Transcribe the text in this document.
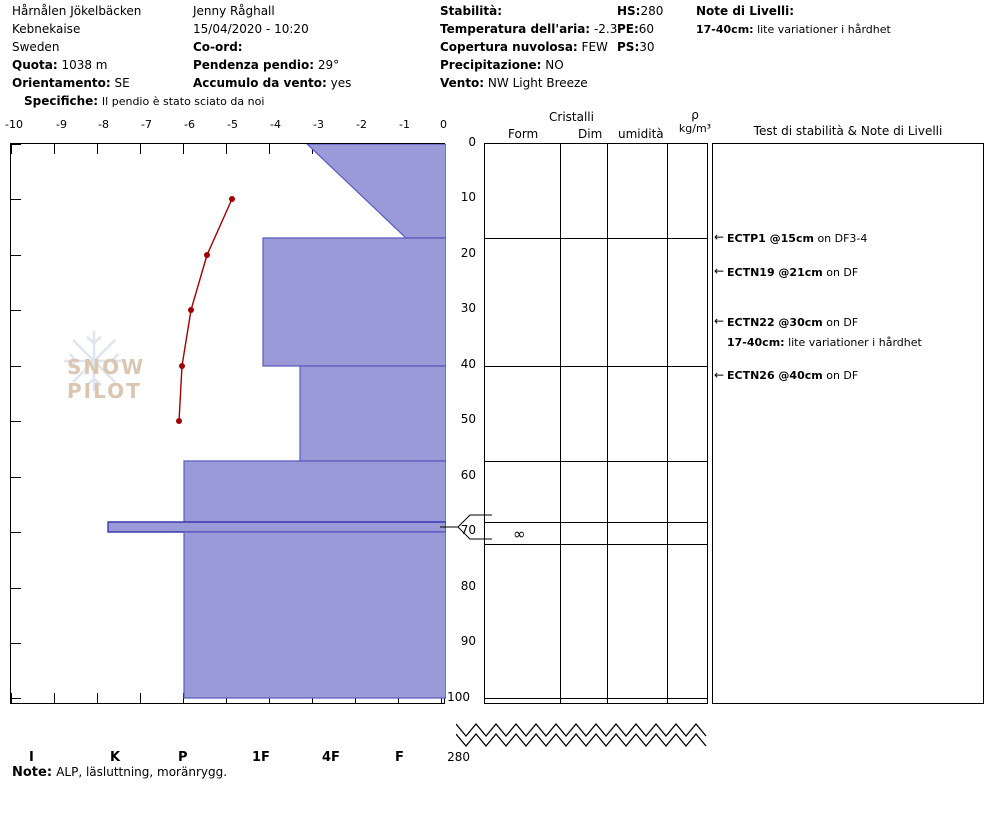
Hårnålen Jökelbäcken
Kebnekaise
Sweden
Quota: 1038 m
Orientamento: SE
Specifiche: Il pendio è stato sciato da noi
Jenny Råghall
15/04/2020 - 10:20
Co-ord:
Pendenza pendio: 29°
Accumulo da vento: yes
Stabilità:
Temperatura dell'aria: -2.3
Copertura nuvolosa: FEW
Precipitazione: NO
Vento: NW Light Breeze
HS:280
PE:60
PS:30
Note di Livelli:
17-40cm: lite variationer i hårdhet
-10	-9	-8	-7	-6	-5	-4	-3	-2	-1	0
SNOW PILOT
0
10
20
30
40
50
60
70
80
90
100
280
Cristalli
Form	Dim umidità
ρ
kg/m³
∞
Test di stabilità & Note di Livelli
← ECTP1 @15cm on DF3-4
← ECTN19 @21cm on DF
← ECTN22 @30cm on DF
17-40cm: lite variationer i hårdhet
← ECTN26 @40cm on DF
I	K	P	1F	4F	F
Note: ALP, läsluttning, moränrygg.
